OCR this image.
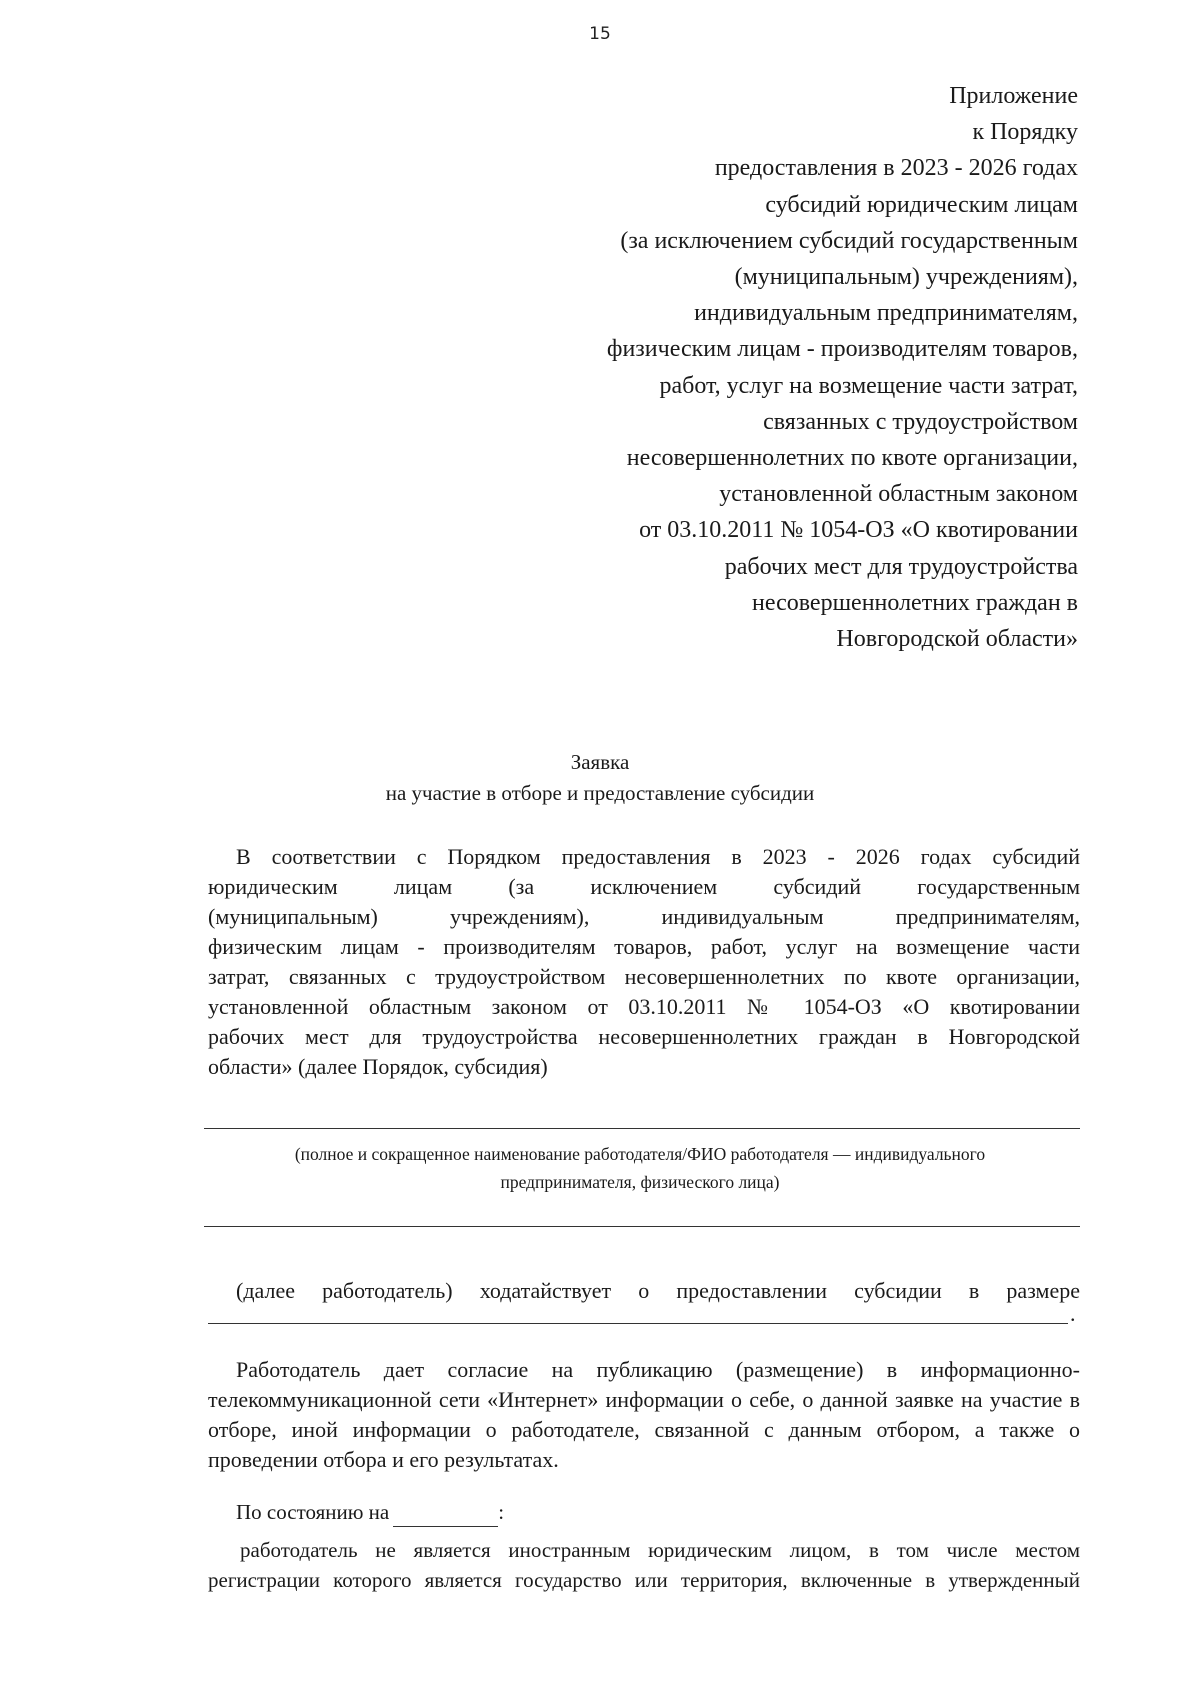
15
Приложение
к Порядку
предоставления в 2023 - 2026 годах
субсидий юридическим лицам
(за исключением субсидий государственным
(муниципальным) учреждениям),
индивидуальным предпринимателям,
физическим лицам - производителям товаров,
работ, услуг на возмещение части затрат,
связанных с трудоустройством
несовершеннолетних по квоте организации,
установленной областным законом
от 03.10.2011 № 1054-ОЗ «О квотировании
рабочих мест для трудоустройства
несовершеннолетних граждан в
Новгородской области»
Заявка
на участие в отборе и предоставление субсидии
В соответствии с Порядком предоставления в 2023 - 2026 годах субсидий
юридическим лицам (за исключением субсидий государственным
(муниципальным) учреждениям), индивидуальным предпринимателям,
физическим лицам - производителям товаров, работ, услуг на возмещение части
затрат, связанных с трудоустройством несовершеннолетних по квоте организации,
установленной областным законом от 03.10.2011 № 1054-ОЗ «О квотировании
рабочих мест для трудоустройства несовершеннолетних граждан в Новгородской
области» (далее Порядок, субсидия)
(полное и сокращенное наименование работодателя/ФИО работодателя — индивидуального
предпринимателя, физического лица)
(далее работодатель) ходатайствует о предоставлении субсидии в размере
.
Работодатель дает согласие на публикацию (размещение) в информационно-
телекоммуникационной сети «Интернет» информации о себе, о данной заявке на участие в
отборе, иной информации о работодателе, связанной с данным отбором, а также о
проведении отбора и его результатах.
По состоянию на	:
работодатель не является иностранным юридическим лицом, в том числе местом
регистрации которого является государство или территория, включенные в утвержденный
